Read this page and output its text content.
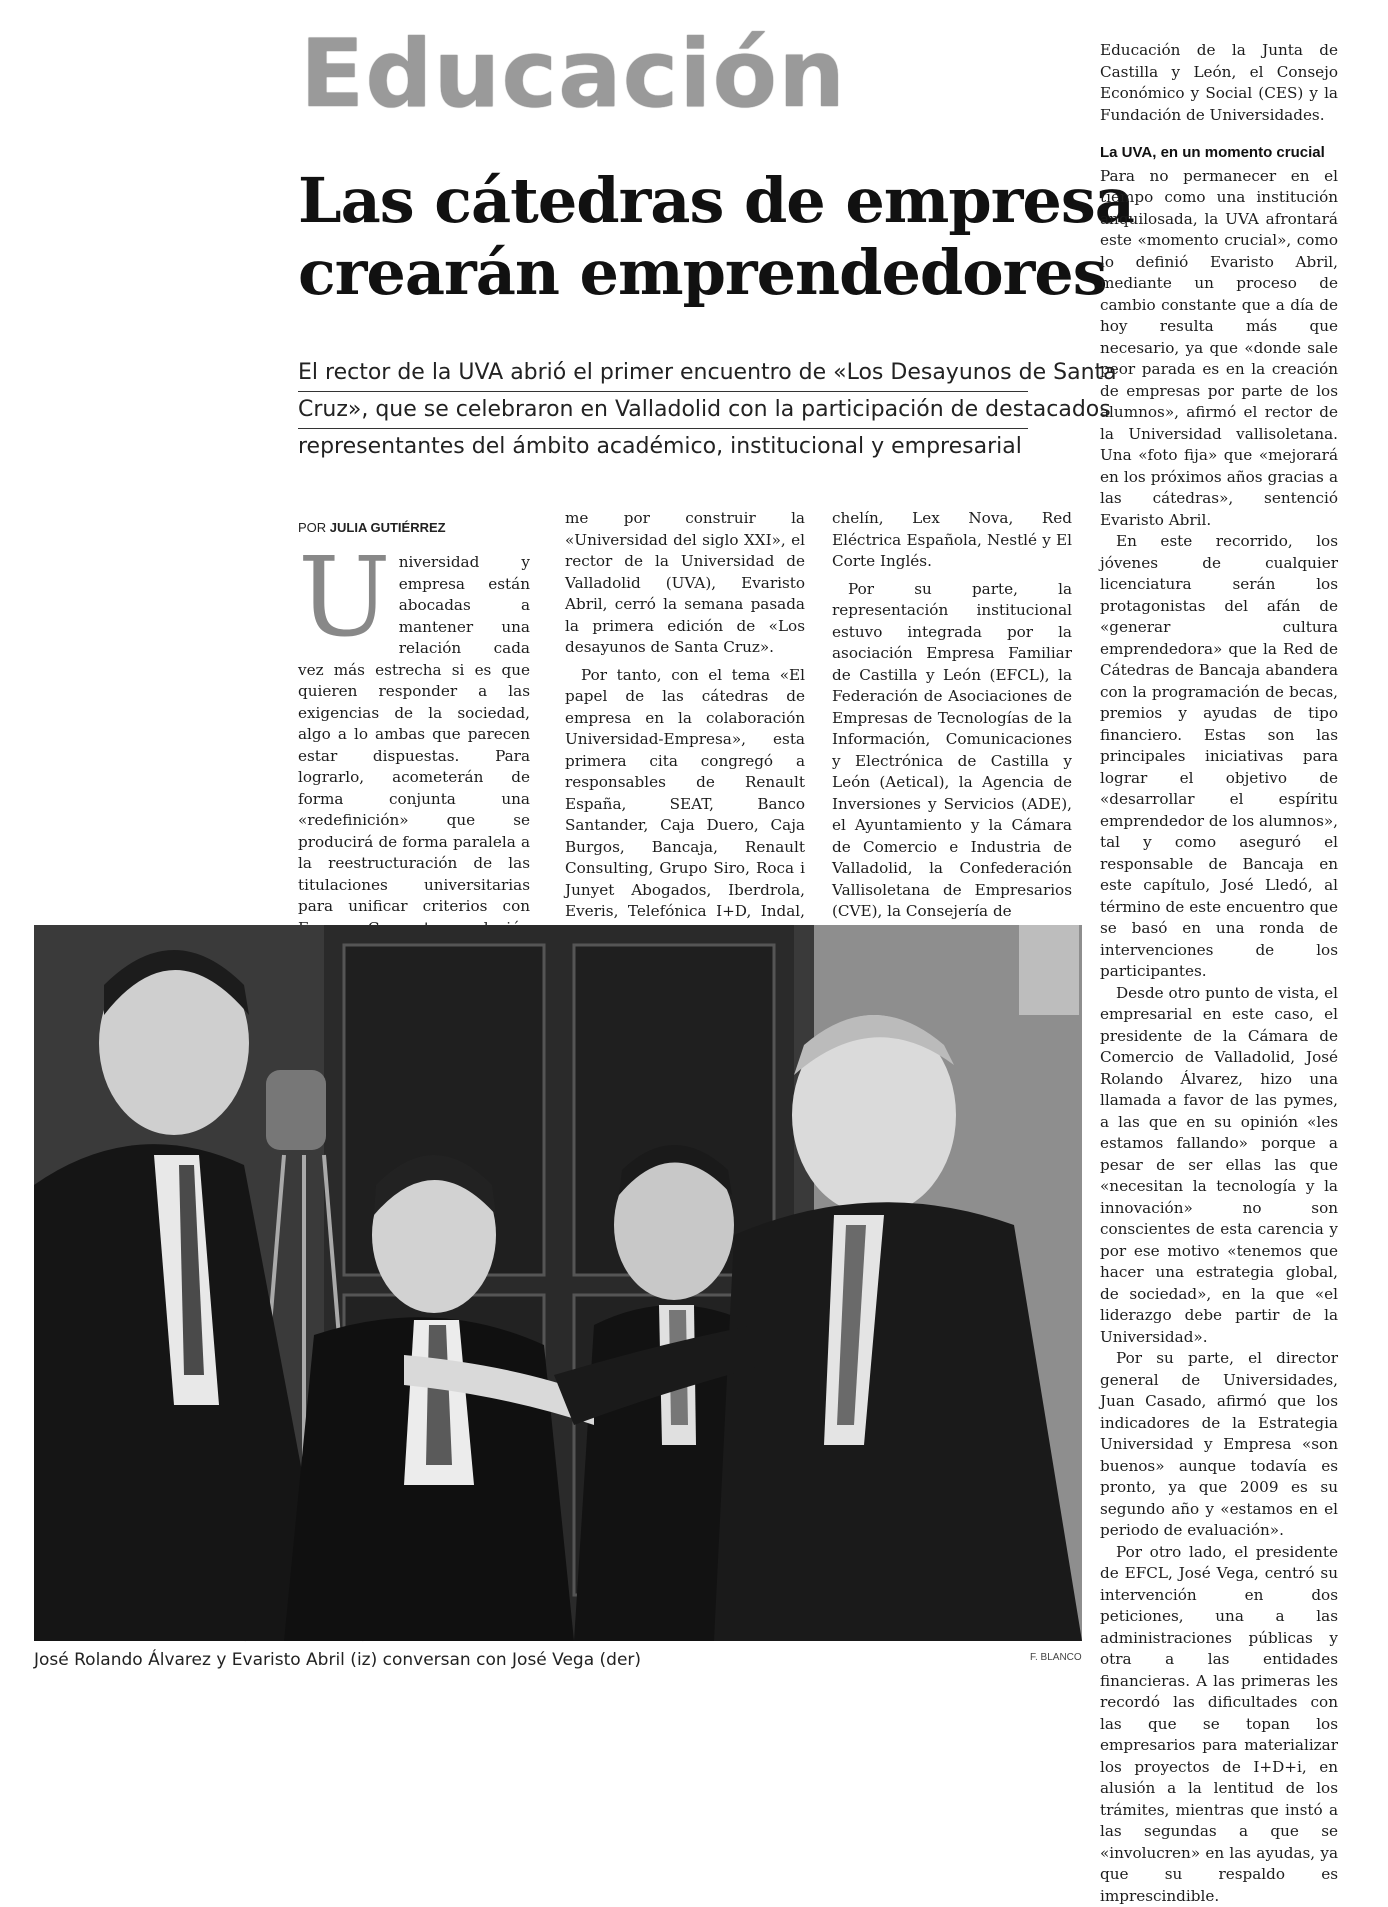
Educación
Las cátedras de empresa
crearán emprendedores
El rector de la UVA abrió el primer encuentro de «Los Desayunos de Santa
Cruz», que se celebraron en Valladolid con la participación de destacados
representantes del ámbito académico, institucional y empresarial
POR JULIA GUTIÉRREZ
U niversidad y empresa están abocadas a mantener una relación cada vez más estrecha si es que quieren responder a las exigencias de la sociedad, algo a lo ambas que parecen estar dispuestas. Para lograrlo, acometerán de forma conjunta una «redefinición» que se producirá de forma paralela a la reestructuración de las titulaciones universitarias para unificar criterios con

me por construir la «Universidad del siglo XXI», el rector de la Universidad de Valladolid (UVA), Evaristo Abril, cerró la semana pasada la primera edición de «Los desayunos de Santa Cruz».

Por tanto, con el tema «El papel de las cátedras de empresa en la colaboración Universidad-Empresa», esta primera cita congregó a responsables de Renault España, SEAT, Banco Santander, Caja Duero, Caja Burgos, Bancaja, Renault Consulting, Grupo Siro, Roca i Junyet Abogados, Iberdrola, Everis, Telefónica I+D, Indal,

chelín, Lex Nova, Red Eléctrica Española, Nestlé y El Corte Inglés.

Por su parte, la representación institucional estuvo integrada por la asociación Empresa Familiar de Castilla y León (EFCL), la Federación de Asociaciones de Empresas de Tecnologías de la Información, Comunicaciones y Electrónica de Castilla y León (Aetical), la Agencia de Inversiones y Servicios (ADE), el Ayuntamiento y la Cámara de Comercio e Industria de Valladolid, la Confederación Vallisoletana de Empresarios (CVE), la Consejería de

Educación de la Junta de Castilla y León, el Consejo Económico y Social (CES) y la Fundación de Universidades.

La UVA, en un momento crucial

Para no permanecer en el tiempo como una institución anquilosada, la UVA afrontará este «momento crucial», como lo definió Evaristo Abril, mediante un proceso de cambio constante que a día de hoy resulta más que necesario, ya que «donde sale peor parada es en la creación de empresas por parte de los alumnos», afirmó el rector de la Universidad vallisoletana. Una «foto fija» que «mejorará en los próximos años gracias a las cátedras», sentenció Evaristo Abril.

En este recorrido, los jóvenes de cualquier licenciatura serán los protagonistas del afán de «generar cultura emprendedora» que la Red de Cátedras de Bancaja abandera con la programación de becas, premios y ayudas de tipo financiero. Estas son las principales iniciativas para lograr el objetivo de «desarrollar el espíritu emprendedor de los alumnos», tal y como aseguró el responsable de Bancaja en este capítulo, José Lledó, al término de este encuentro que se basó en una ronda de intervenciones de los participantes.

Desde otro punto de vista, el empresarial en este caso, el presidente de la Cámara de Comercio de Valladolid, José Rolando Álvarez, hizo una llamada a favor de las pymes, a las que en su opinión «les estamos fallando» porque a pesar de ser ellas las que «necesitan la tecnología y la innovación» no son conscientes de esta carencia y por ese motivo «tenemos que hacer una estrategia global, de sociedad», en la que «el liderazgo debe partir de la Universidad».

Por su parte, el director general de Universidades, Juan Casado, afirmó que los indicadores de la Estrategia Universidad y Empresa «son buenos» aunque todavía es pronto, ya que 2009 es su segundo año y «estamos en el periodo de evaluación».

Por otro lado, el presidente de EFCL, José Vega, centró su intervención en dos peticiones, una a las administraciones públicas y otra a las entidades financieras. A las primeras les recordó las dificultades con las que se topan los empresarios para materializar los proyectos de I+D+i, en alusión a la lentitud de los trámites, mientras que instó a las segundas a que se «involucren» en las ayudas, ya que su respaldo es imprescindible.

José Rolando Álvarez y Evaristo Abril (iz) conversan con José Vega (der)	F. BLANCO
